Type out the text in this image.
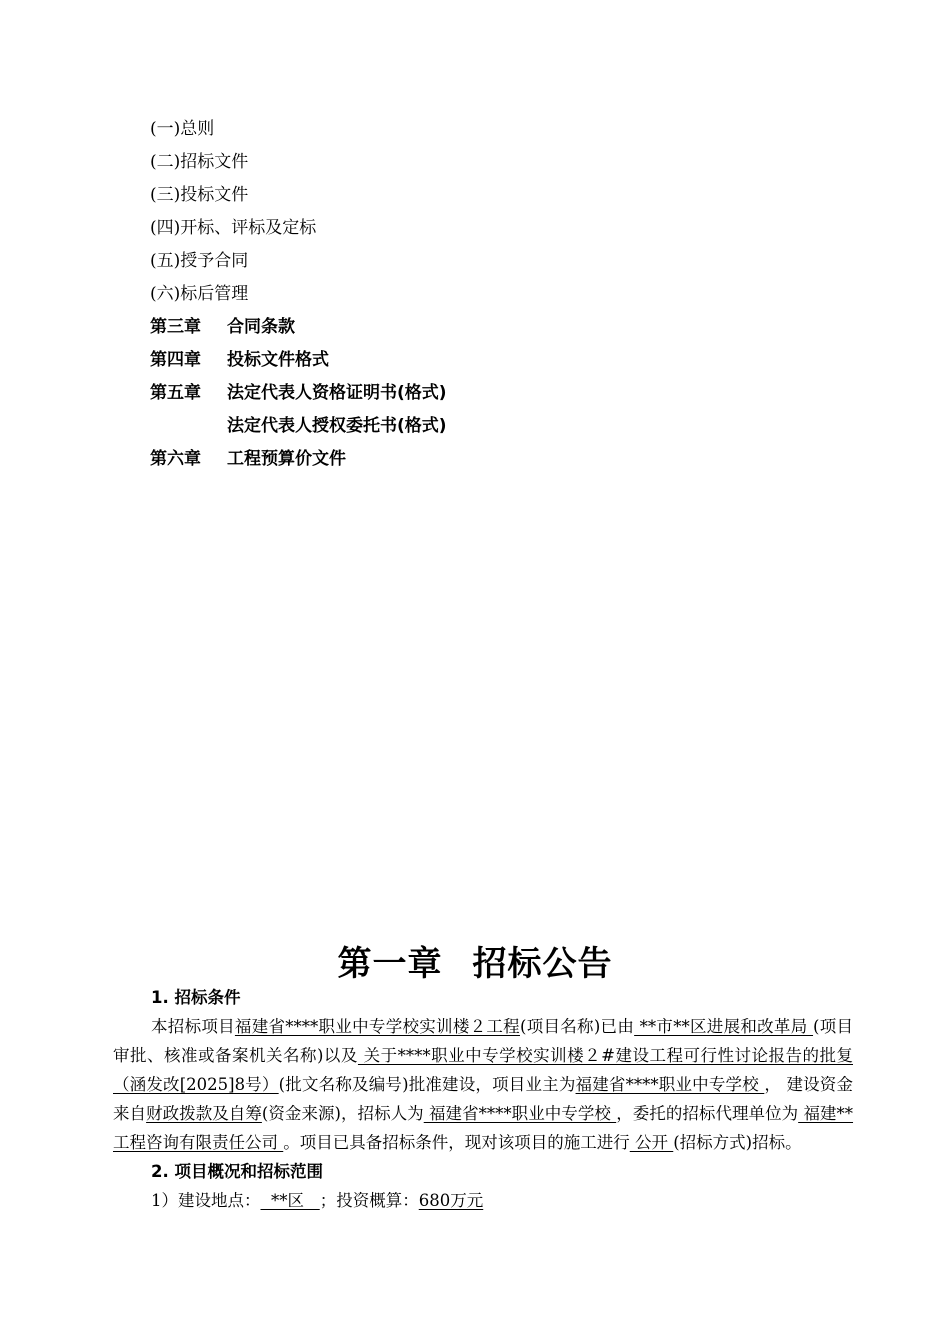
(一)总则
(二)招标文件
(三)投标文件
(四)开标、评标及定标
(五)授予合同
(六)标后管理
第三章 合同条款
第四章 投标文件格式
第五章 法定代表人资格证明书(格式)
法定代表人授权委托书(格式)
第六章 工程预算价文件
第一章 招标公告
1. 招标条件
本招标项目福建省****职业中专学校实训楼２工程(项目名称)已由 **市**区进展和改革局 (项目审批、核准或备案机关名称)以及 关于****职业中专学校实训楼２#建设工程可行性讨论报告的批复（涵发改[2025]8号）(批文名称及编号)批准建设，项目业主为福建省****职业中专学校 ， 建设资金来自财政拨款及自筹(资金来源)，招标人为 福建省****职业中专学校 ，委托的招标代理单位为 福建**工程咨询有限责任公司 。项目已具备招标条件，现对该项目的施工进行 公开 (招标方式)招标。
2. 项目概况和招标范围
1）建设地点：  **区   ；投资概算：680万元
